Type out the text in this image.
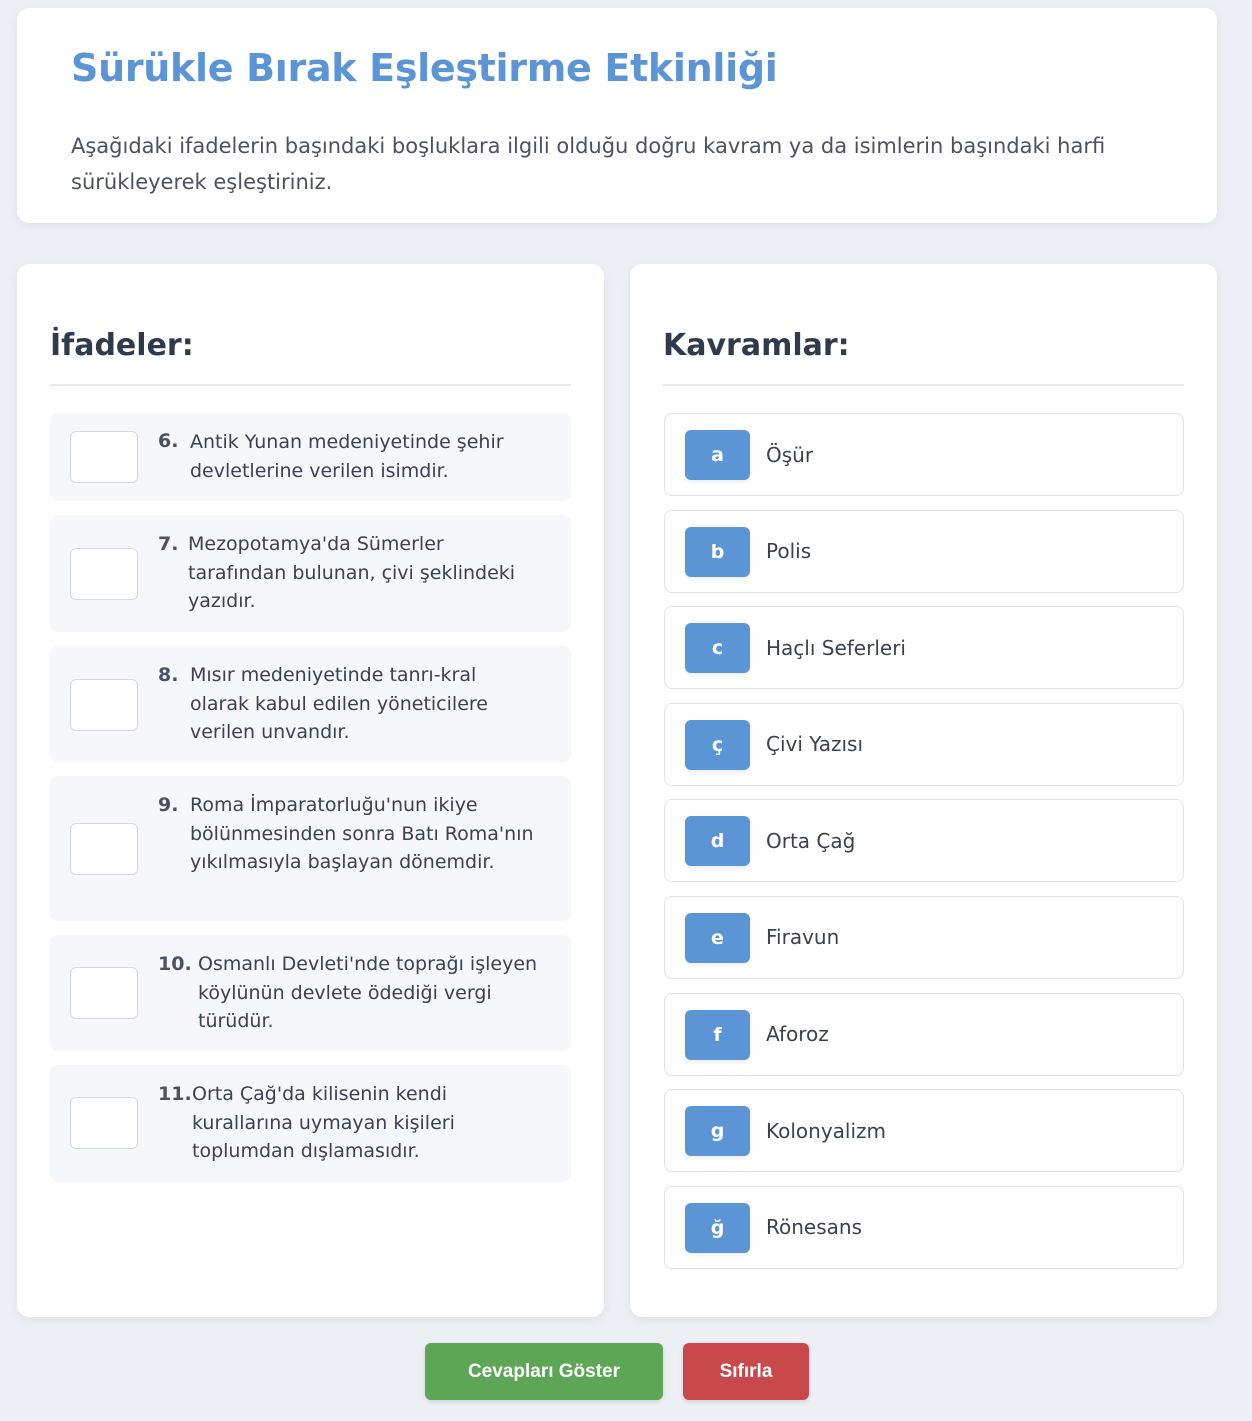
Sürükle Bırak Eşleştirme Etkinliği

Aşağıdaki ifadelerin başındaki boşluklara ilgili olduğu doğru kavram ya da isimlerin başındaki harfi sürükleyerek eşleştiriniz.

İfadeler:
6. Antik Yunan medeniyetinde şehir devletlerine verilen isimdir.
7. Mezopotamya'da Sümerler tarafından bulunan, çivi şeklindeki yazıdır.
8. Mısır medeniyetinde tanrı-kral olarak kabul edilen yöneticilere verilen unvandır.
9. Roma İmparatorluğu'nun ikiye bölünmesinden sonra Batı Roma'nın yıkılmasıyla başlayan dönemdir.
10. Osmanlı Devleti'nde toprağı işleyen köylünün devlete ödediği vergi türüdür.
11. Orta Çağ'da kilisenin kendi kurallarına uymayan kişileri toplumdan dışlamasıdır.
Kavramlar:
a	Öşür
b	Polis
c	Haçlı Seferleri
ç	Çivi Yazısı
d	Orta Çağ
e	Firavun
f	Aforoz
g	Kolonyalizm
ğ	Rönesans
Cevapları Göster	Sıfırla
